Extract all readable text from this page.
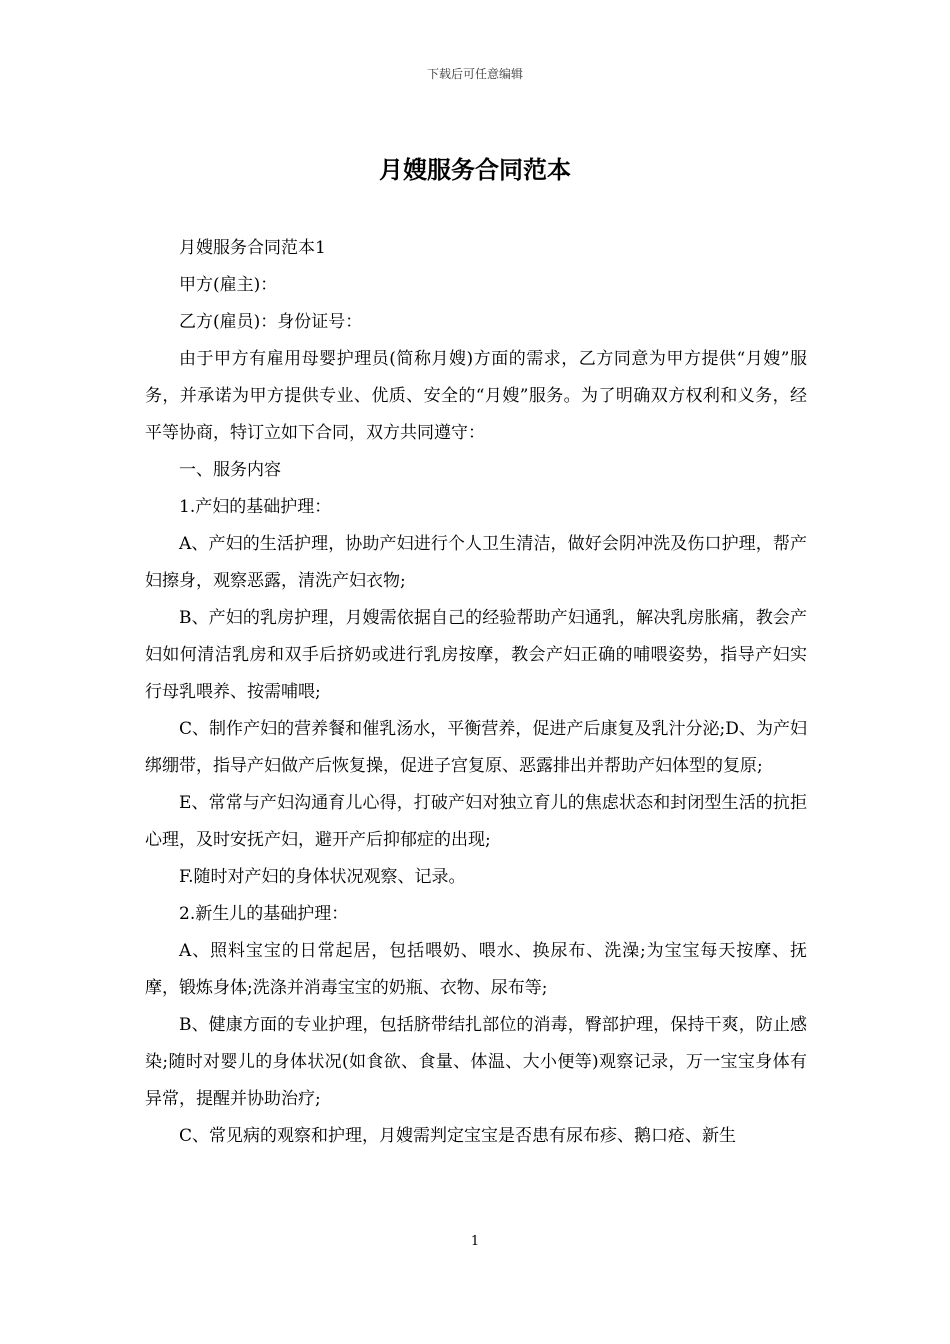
下载后可任意编辑
月嫂服务合同范本

月嫂服务合同范本1

甲方(雇主)：

乙方(雇员)：身份证号：

由于甲方有雇用母婴护理员(简称月嫂)方面的需求，乙方同意为甲方提供“月嫂”服务，并承诺为甲方提供专业、优质、安全的“月嫂”服务。为了明确双方权利和义务，经平等协商，特订立如下合同，双方共同遵守：

一、服务内容

1.产妇的基础护理：

A、产妇的生活护理，协助产妇进行个人卫生清洁，做好会阴冲洗及伤口护理，帮产妇擦身，观察恶露，清洗产妇衣物;

B、产妇的乳房护理，月嫂需依据自己的经验帮助产妇通乳，解决乳房胀痛，教会产妇如何清洁乳房和双手后挤奶或进行乳房按摩，教会产妇正确的哺喂姿势，指导产妇实行母乳喂养、按需哺喂;

C、制作产妇的营养餐和催乳汤水，平衡营养，促进产后康复及乳汁分泌;D、为产妇绑绷带，指导产妇做产后恢复操，促进子宫复原、恶露排出并帮助产妇体型的复原;

E、常常与产妇沟通育儿心得，打破产妇对独立育儿的焦虑状态和封闭型生活的抗拒心理，及时安抚产妇，避开产后抑郁症的出现;

F.随时对产妇的身体状况观察、记录。

2.新生儿的基础护理：

A、照料宝宝的日常起居，包括喂奶、喂水、换尿布、洗澡;为宝宝每天按摩、抚摩，锻炼身体;洗涤并消毒宝宝的奶瓶、衣物、尿布等;

B、健康方面的专业护理，包括脐带结扎部位的消毒，臀部护理，保持干爽，防止感染;随时对婴儿的身体状况(如食欲、食量、体温、大小便等)观察记录，万一宝宝身体有异常，提醒并协助治疗;

C、常见病的观察和护理，月嫂需判定宝宝是否患有尿布疹、鹅口疮、新生

1
